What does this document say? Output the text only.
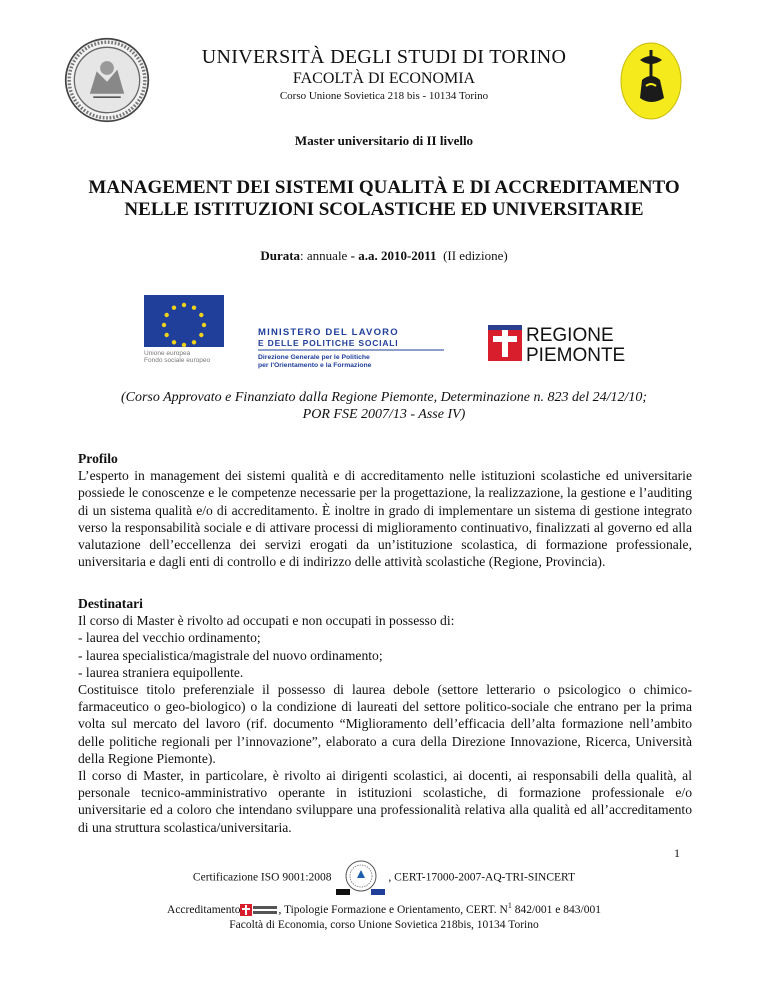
UNIVERSITÀ DEGLI STUDI DI TORINO
FACOLTÀ DI ECONOMIA
Corso Unione Sovietica 218 bis - 10134 Torino
Master universitario di II livello
MANAGEMENT DEI SISTEMI QUALITÀ E DI ACCREDITAMENTO
NELLE ISTITUZIONI SCOLASTICHE ED UNIVERSITARIE
Durata: annuale - a.a. 2010-2011 (II edizione)
Unione europea
Fondo sociale europeo
MINISTERO DEL LAVORO
E DELLE POLITICHE SOCIALI
Direzione Generale per le Politiche
per l'Orientamento e la Formazione
REGIONE
PIEMONTE
(Corso Approvato e Finanziato dalla Regione Piemonte, Determinazione n. 823 del 24/12/10;
POR FSE 2007/13 - Asse IV)
Profilo

L’esperto in management dei sistemi qualità e di accreditamento nelle istituzioni scolastiche ed universitarie possiede le conoscenze e le competenze necessarie per la progettazione, la realizzazione, la gestione e l’auditing di un sistema qualità e/o di accreditamento. È inoltre in grado di implementare un sistema di gestione integrato verso la responsabilità sociale e di attivare processi di miglioramento continuativo, finalizzati al governo ed alla valutazione dell’eccellenza dei servizi erogati da un’istituzione scolastica, di formazione professionale, universitaria e dagli enti di controllo e di indirizzo delle attività scolastiche (Regione, Provincia).

Destinatari

Il corso di Master è rivolto ad occupati e non occupati in possesso di:

- laurea del vecchio ordinamento;

- laurea specialistica/magistrale del nuovo ordinamento;

- laurea straniera equipollente.

Costituisce titolo preferenziale il possesso di laurea debole (settore letterario o psicologico o chimico-farmaceutico o geo-biologico) o la condizione di laureati del settore politico-sociale che entrano per la prima volta sul mercato del lavoro (rif. documento “Miglioramento dell’efficacia dell’alta formazione nell’ambito delle politiche regionali per l’innovazione”, elaborato a cura della Direzione Innovazione, Ricerca, Università della Regione Piemonte).

Il corso di Master, in particolare, è rivolto ai dirigenti scolastici, ai docenti, ai responsabili della qualità, al personale tecnico-amministrativo operante in istituzioni scolastiche, di formazione professionale e/o universitarie ed a coloro che intendano sviluppare una professionalità relativa alla qualità ed all’accreditamento di una struttura scolastica/universitaria.

1
Certificazione ISO 9001:2008	, CERT-17000-2007-AQ-TRI-SINCERT
Accreditamento	, Tipologie Formazione e Orientamento, CERT. $N^1$ 842/001 e 843/001
Facoltà di Economia, corso Unione Sovietica 218bis, 10134 Torino
